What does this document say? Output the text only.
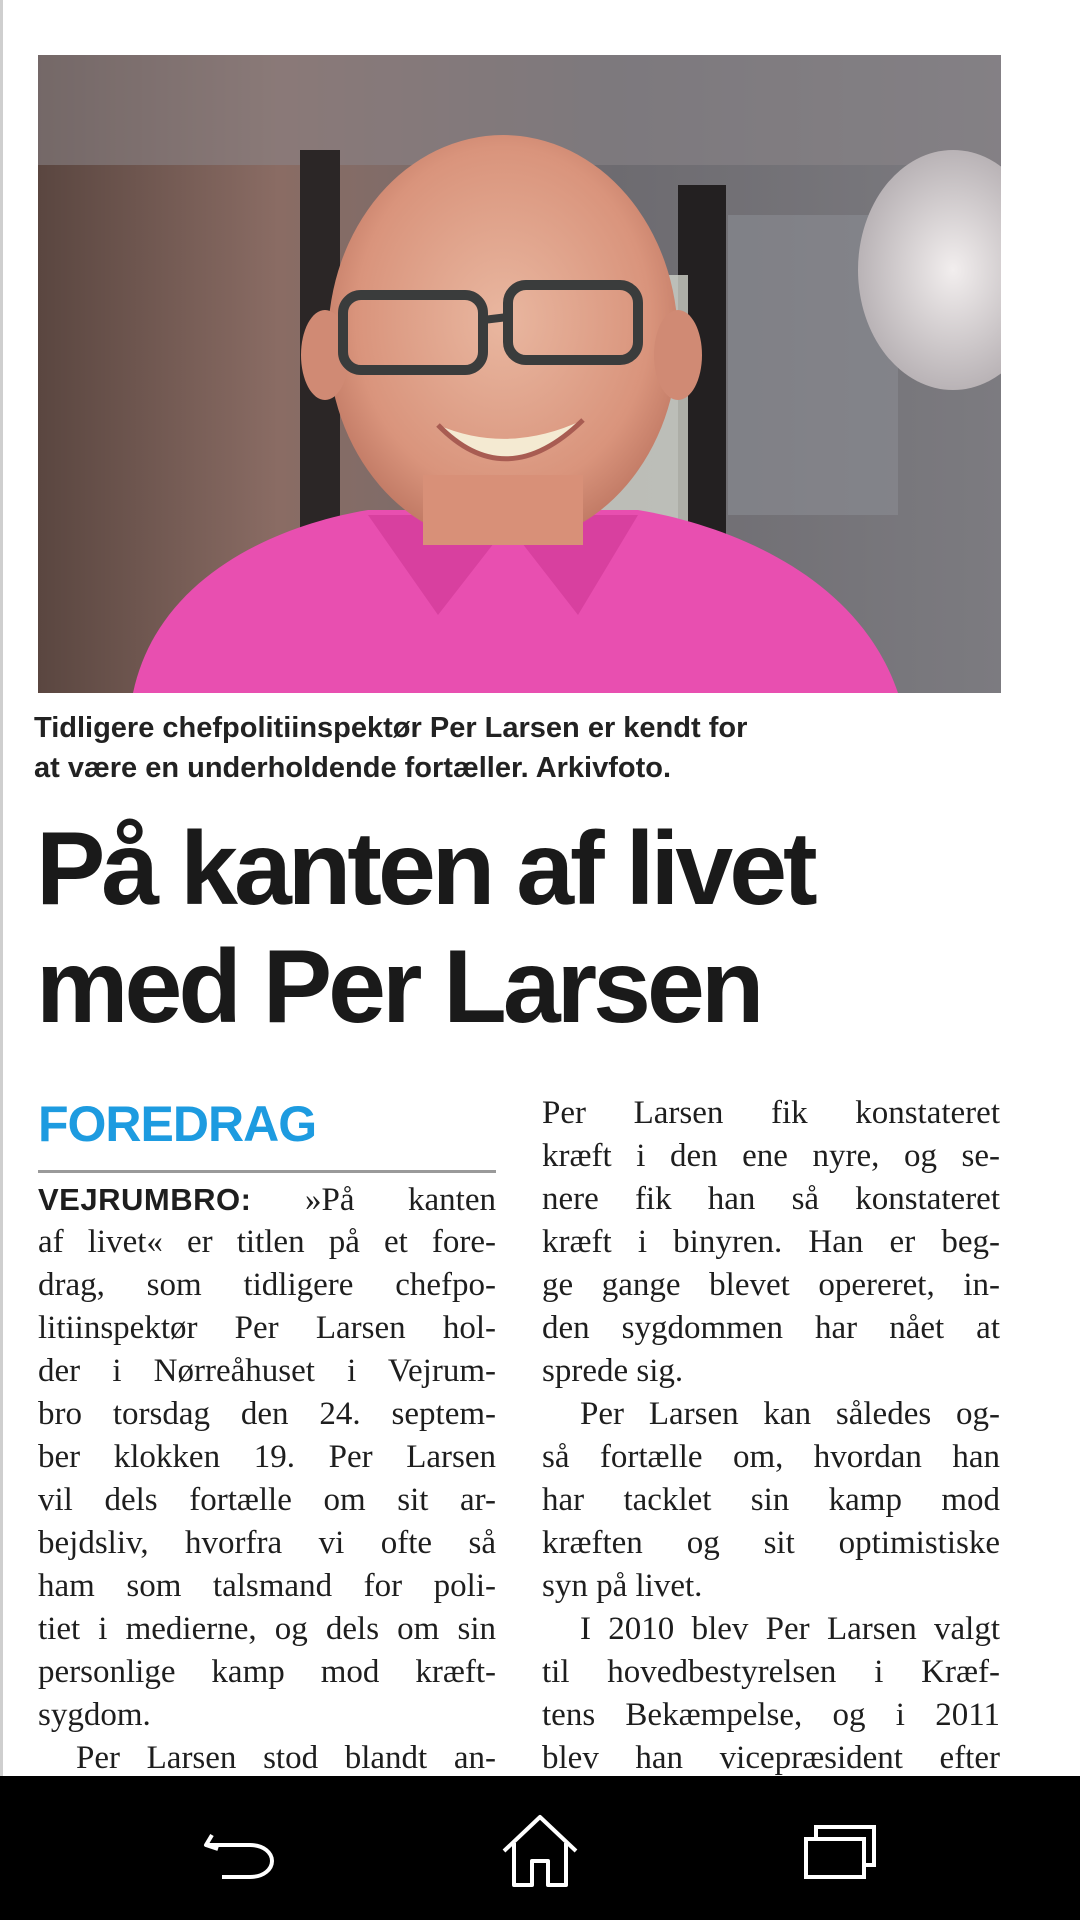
Tidligere chefpolitiinspektør Per Larsen er kendt for
at være en underholdende fortæller. Arkivfoto.
På kanten af livet
med Per Larsen
FOREDRAG
VEJRUMBRO: »På kanten
af livet« er titlen på et fore-
drag, som tidligere chefpo-
litiinspektør Per Larsen hol-
der i Nørreåhuset i Vejrum-
bro torsdag den 24. septem-
ber klokken 19. Per Larsen
vil dels fortælle om sit ar-
bejdsliv, hvorfra vi ofte så
ham som talsmand for poli-
tiet i medierne, og dels om sin
personlige kamp mod kræft-
sygdom.
Per Larsen stod blandt an-
Per Larsen fik konstateret
kræft i den ene nyre, og se-
nere fik han så konstateret
kræft i binyren. Han er beg-
ge gange blevet opereret, in-
den sygdommen har nået at
sprede sig.
Per Larsen kan således og-
så fortælle om, hvordan han
har tacklet sin kamp mod
kræften og sit optimistiske
syn på livet.
I 2010 blev Per Larsen valgt
til hovedbestyrelsen i Kræf-
tens Bekæmpelse, og i 2011
blev han vicepræsident efter
